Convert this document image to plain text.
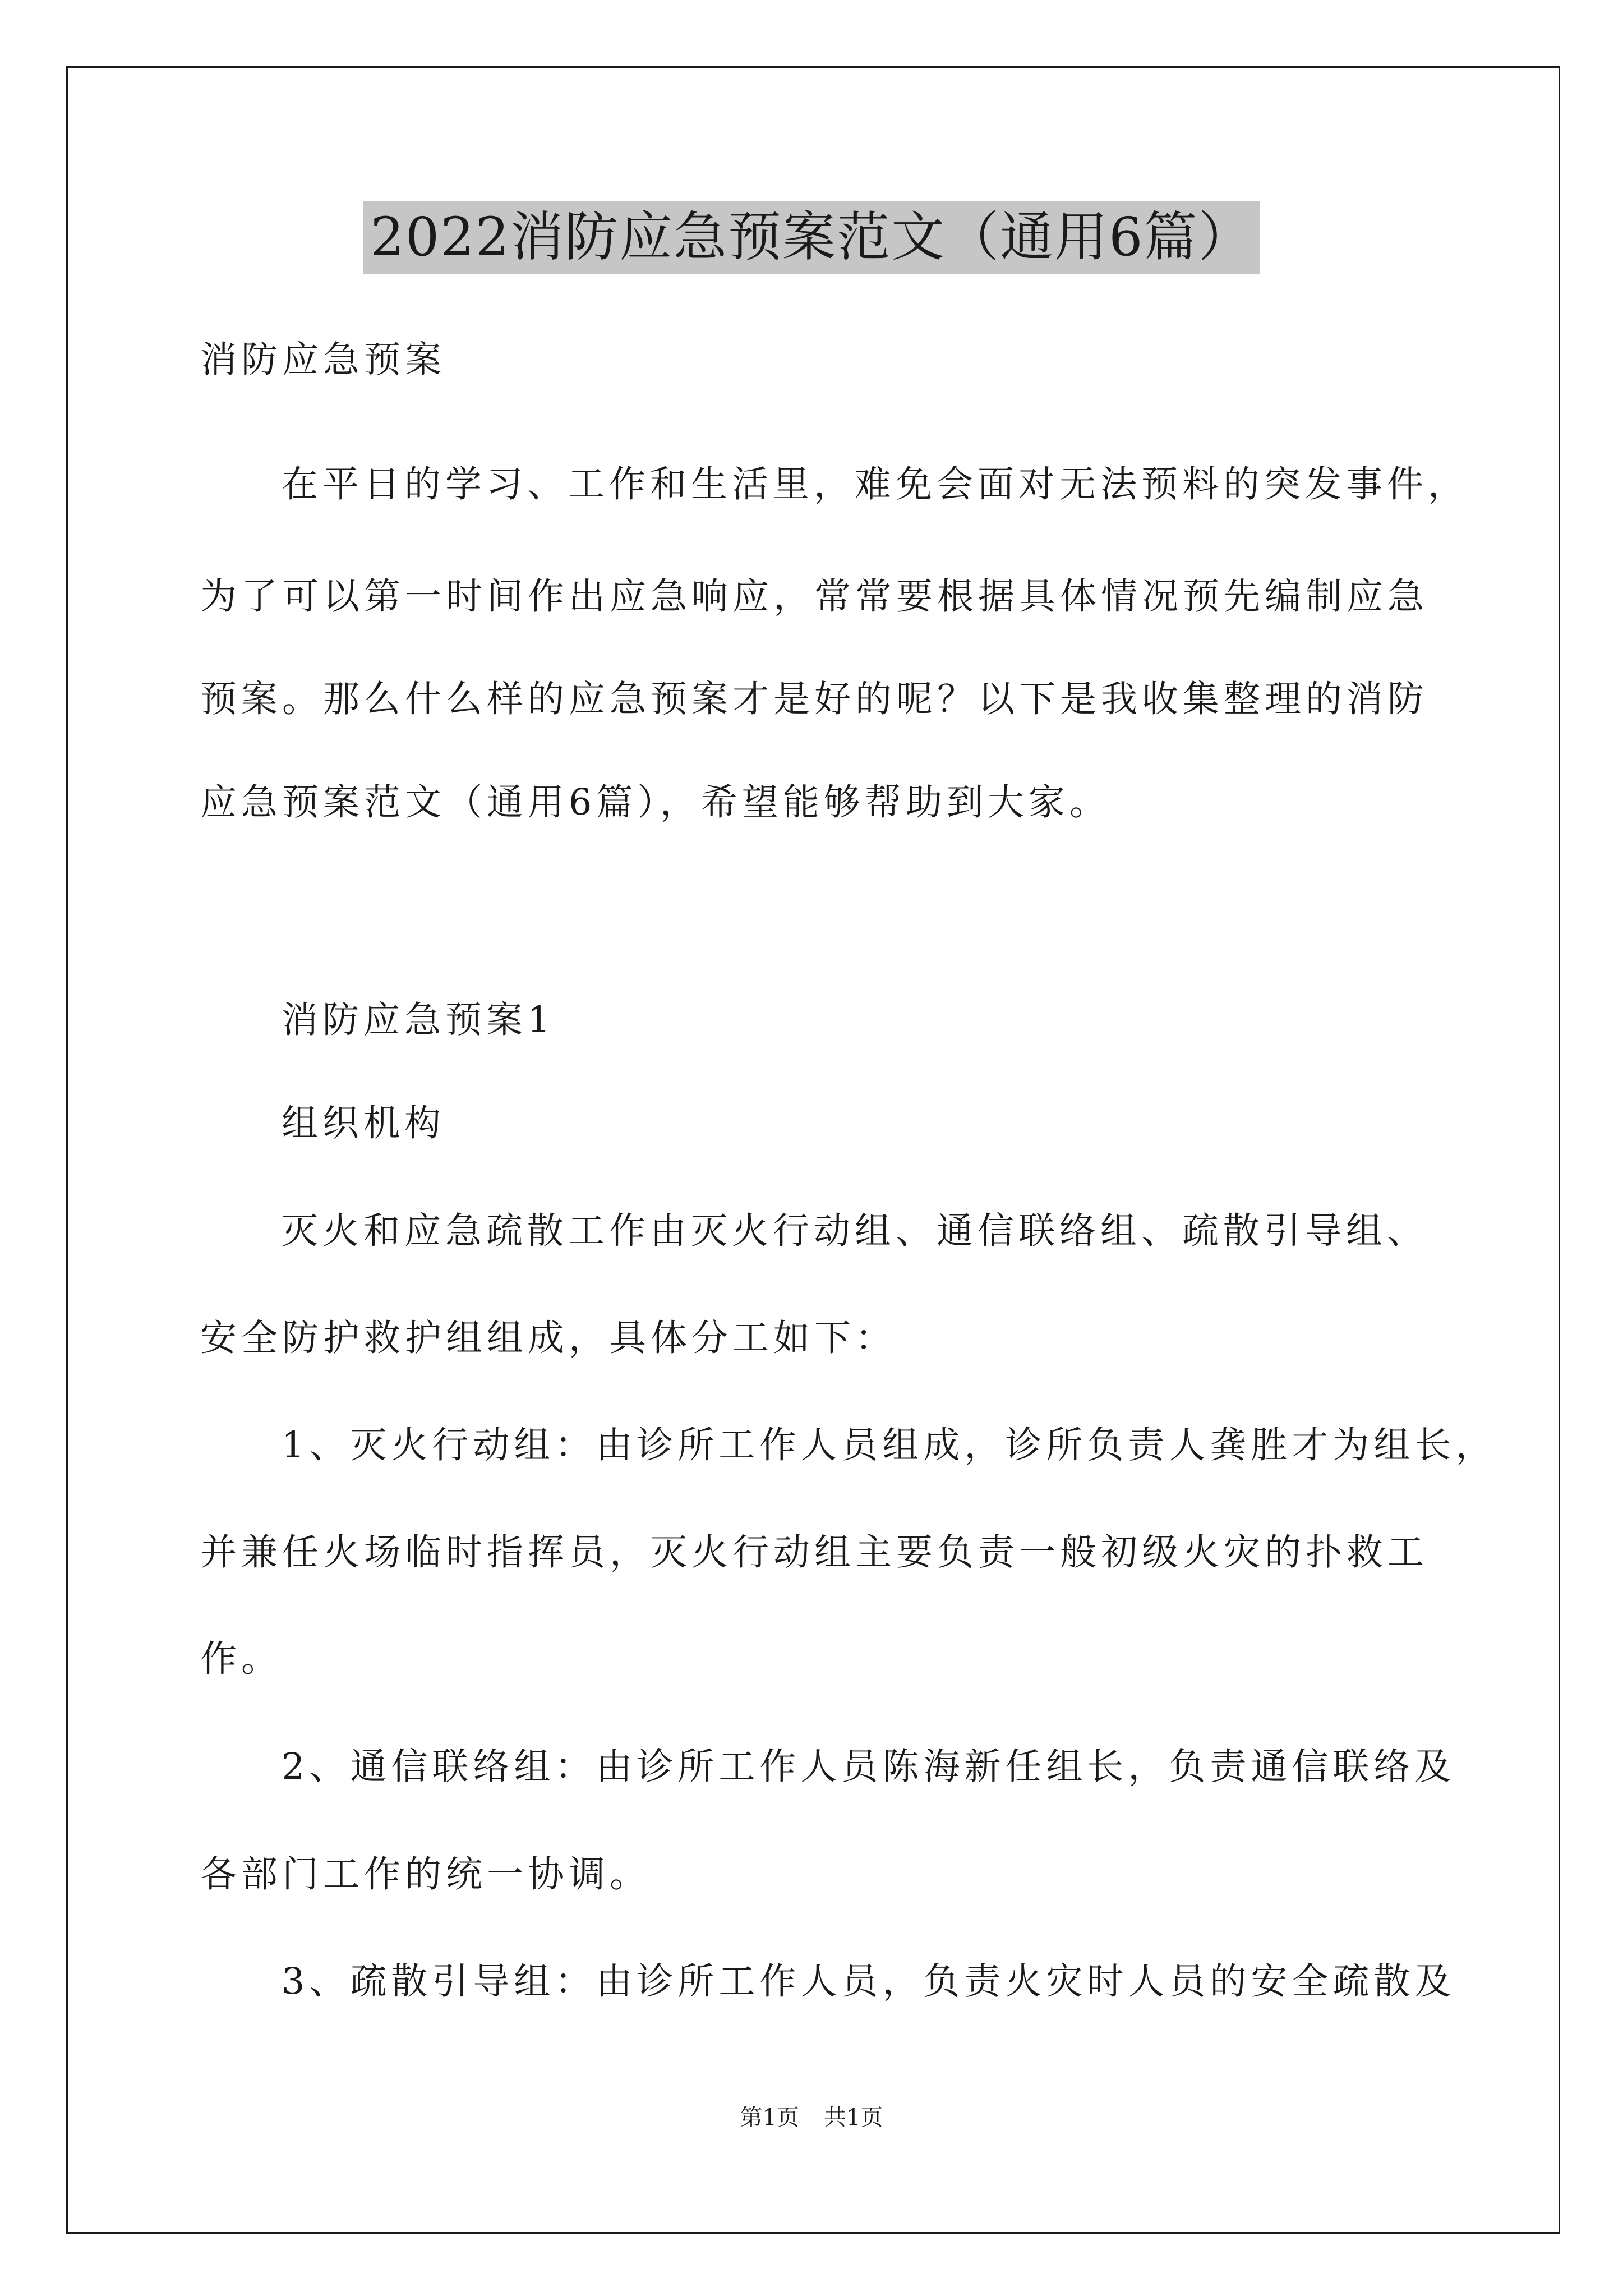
2022消防应急预案范文（通用6篇）
消防应急预案
在平日的学习、工作和生活里，难免会面对无法预料的突发事件，
为了可以第一时间作出应急响应，常常要根据具体情况预先编制应急
预案。那么什么样的应急预案才是好的呢？以下是我收集整理的消防
应急预案范文（通用6篇），希望能够帮助到大家。
消防应急预案1
组织机构
灭火和应急疏散工作由灭火行动组、通信联络组、疏散引导组、
安全防护救护组组成，具体分工如下：
1、灭火行动组：由诊所工作人员组成，诊所负责人龚胜才为组长，
并兼任火场临时指挥员，灭火行动组主要负责一般初级火灾的扑救工
作。
2、通信联络组：由诊所工作人员陈海新任组长，负责通信联络及
各部门工作的统一协调。
3、疏散引导组：由诊所工作人员，负责火灾时人员的安全疏散及
第1页 共1页
